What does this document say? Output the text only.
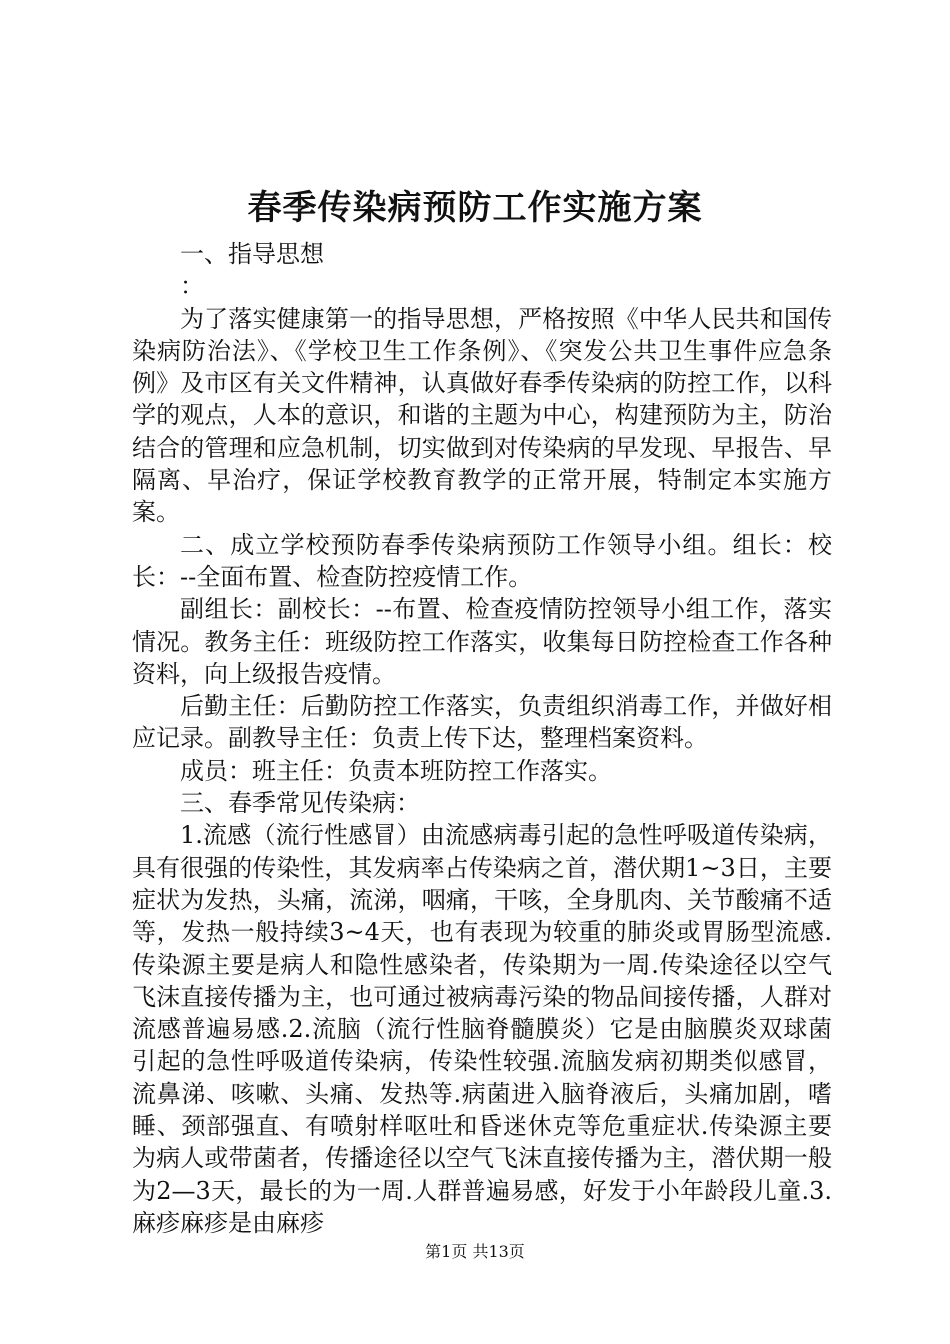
春季传染病预防工作实施方案

一、指导思想

：

为了落实健康第一的指导思想，严格按照《中华人民共和国传染病防治法》、《学校卫生工作条例》、《突发公共卫生事件应急条例》及市区有关文件精神，认真做好春季传染病的防控工作，以科学的观点，人本的意识，和谐的主题为中心，构建预防为主，防治结合的管理和应急机制，切实做到对传染病的早发现、早报告、早隔离、早治疗，保证学校教育教学的正常开展，特制定本实施方案。

二、成立学校预防春季传染病预防工作领导小组。组长：校长：--全面布置、检查防控疫情工作。

副组长：副校长：--布置、检查疫情防控领导小组工作，落实情况。教务主任：班级防控工作落实，收集每日防控检查工作各种资料，向上级报告疫情。

后勤主任：后勤防控工作落实，负责组织消毒工作，并做好相应记录。副教导主任：负责上传下达，整理档案资料。

成员：班主任：负责本班防控工作落实。

三、春季常见传染病：

1.流感（流行性感冒）由流感病毒引起的急性呼吸道传染病，具有很强的传染性，其发病率占传染病之首，潜伏期1~3日，主要症状为发热，头痛，流涕，咽痛，干咳，全身肌肉、关节酸痛不适等，发热一般持续3~4天，也有表现为较重的肺炎或胃肠型流感.传染源主要是病人和隐性感染者，传染期为一周.传染途径以空气飞沫直接传播为主，也可通过被病毒污染的物品间接传播，人群对流感普遍易感.2.流脑（流行性脑脊髓膜炎）它是由脑膜炎双球菌引起的急性呼吸道传染病，传染性较强.流脑发病初期类似感冒，流鼻涕、咳嗽、头痛、发热等.病菌进入脑脊液后，头痛加剧，嗜睡、颈部强直、有喷射样呕吐和昏迷休克等危重症状.传染源主要为病人或带菌者，传播途径以空气飞沫直接传播为主，潜伏期一般为2—3天，最长的为一周.人群普遍易感，好发于小年龄段儿童.3.麻疹麻疹是由麻疹

第1页 共13页
